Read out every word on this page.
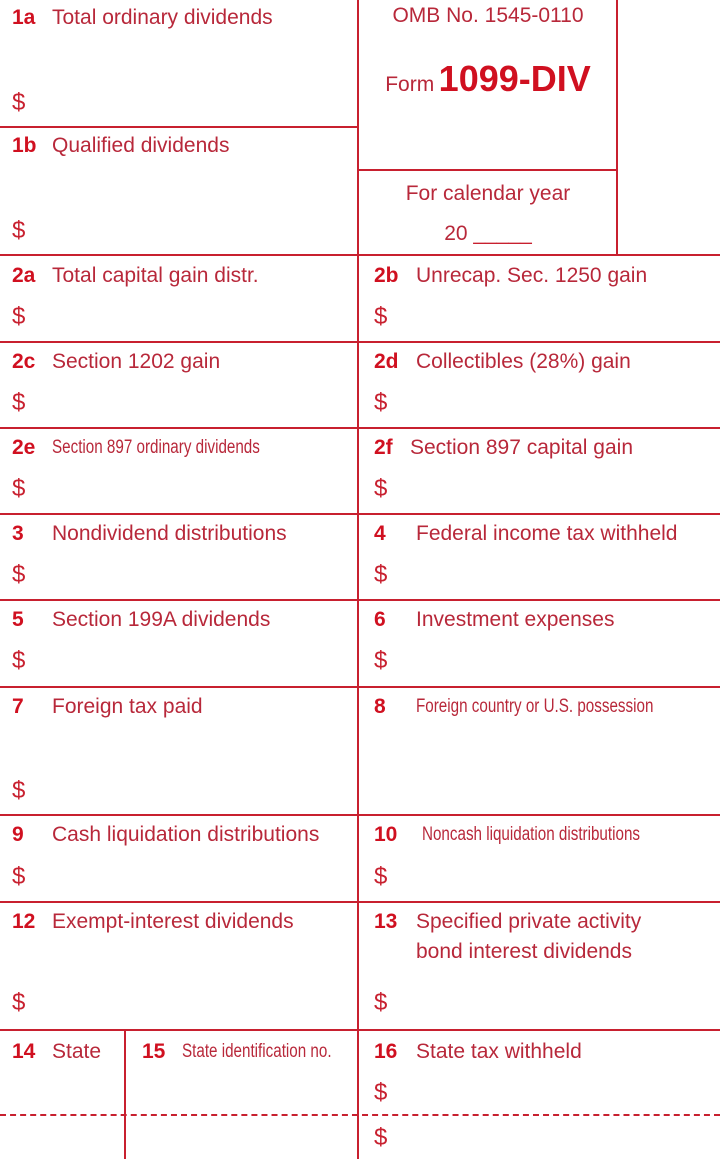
OMB No. 1545-0110
Form 1099-DIV
For calendar year
20 _____
1a Total ordinary dividends
$
1b Qualified dividends
$
2a Total capital gain distr.
$
2b Unrecap. Sec. 1250 gain
$
2c Section 1202 gain
$
2d Collectibles (28%) gain
$
2e Section 897 ordinary dividends
$
2f Section 897 capital gain
$
3 Nondividend distributions
$
4 Federal income tax withheld
$
5 Section 199A dividends
$
6 Investment expenses
$
7 Foreign tax paid
$
8 Foreign country or U.S. possession
9 Cash liquidation distributions
$
10 Noncash liquidation distributions
$
12 Exempt-interest dividends
$
13 Specified private activity
bond interest dividends
$
14 State 15 State identification no.	16 State tax withheld
$
$
